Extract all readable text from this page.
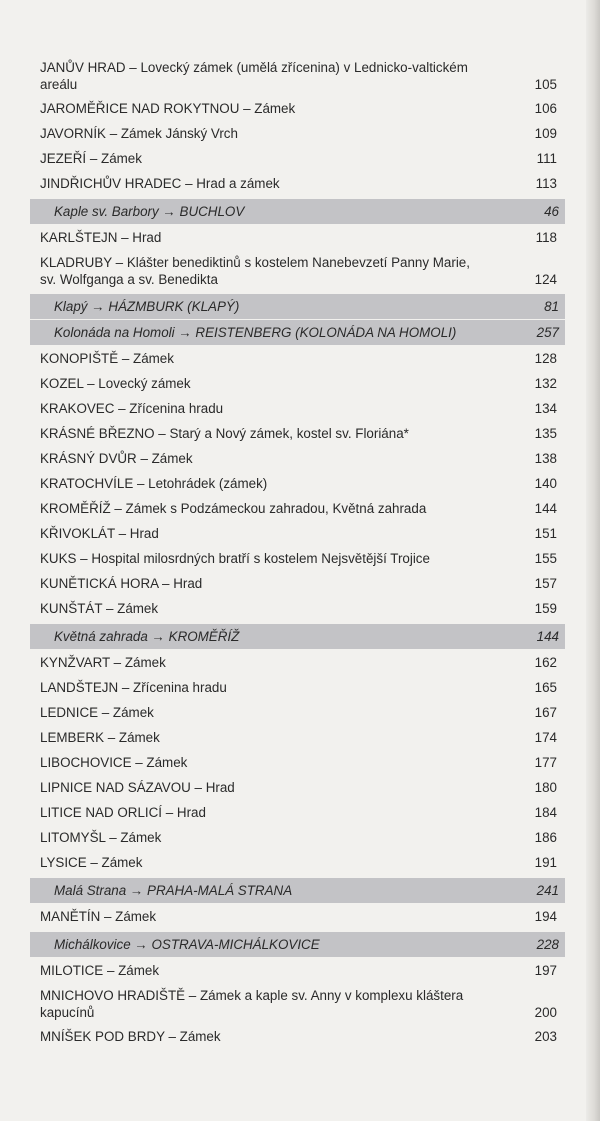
JANŮV HRAD – Lovecký zámek (umělá zřícenina) v Lednicko-valtickém areálu	105
JAROMĚŘICE NAD ROKYTNOU – Zámek	106
JAVORNÍK – Zámek Jánský Vrch	109
JEZEŘÍ – Zámek	111
JINDŘICHŮV HRADEC – Hrad a zámek	113
Kaple sv. Barbory → BUCHLOV	46
KARLŠTEJN – Hrad	118
KLADRUBY – Klášter benediktinů s kostelem Nanebevzetí Panny Marie, sv. Wolfganga a sv. Benedikta	124
Klapý → HÁZMBURK (KLAPÝ)	81
Kolonáda na Homoli → REISTENBERG (KOLONÁDA NA HOMOLI)	257
KONOPIŠTĚ – Zámek	128
KOZEL – Lovecký zámek	132
KRAKOVEC – Zřícenina hradu	134
KRÁSNÉ BŘEZNO – Starý a Nový zámek, kostel sv. Floriána*	135
KRÁSNÝ DVŮR – Zámek	138
KRATOCHVÍLE – Letohrádek (zámek)	140
KROMĚŘÍŽ – Zámek s Podzámeckou zahradou, Květná zahrada	144
KŘIVOKLÁT – Hrad	151
KUKS – Hospital milosrdných bratří s kostelem Nejsvětější Trojice	155
KUNĚTICKÁ HORA – Hrad	157
KUNŠTÁT – Zámek	159
Květná zahrada → KROMĚŘÍŽ	144
KYNŽVART – Zámek	162
LANDŠTEJN – Zřícenina hradu	165
LEDNICE – Zámek	167
LEMBERK – Zámek	174
LIBOCHOVICE – Zámek	177
LIPNICE NAD SÁZAVOU – Hrad	180
LITICE NAD ORLICÍ – Hrad	184
LITOMYŠL – Zámek	186
LYSICE – Zámek	191
Malá Strana → PRAHA-MALÁ STRANA	241
MANĚTÍN – Zámek	194
Michálkovice → OSTRAVA-MICHÁLKOVICE	228
MILOTICE – Zámek	197
MNICHOVO HRADIŠTĚ – Zámek a kaple sv. Anny v komplexu kláštera kapucínů	200
MNÍŠEK POD BRDY – Zámek	203
